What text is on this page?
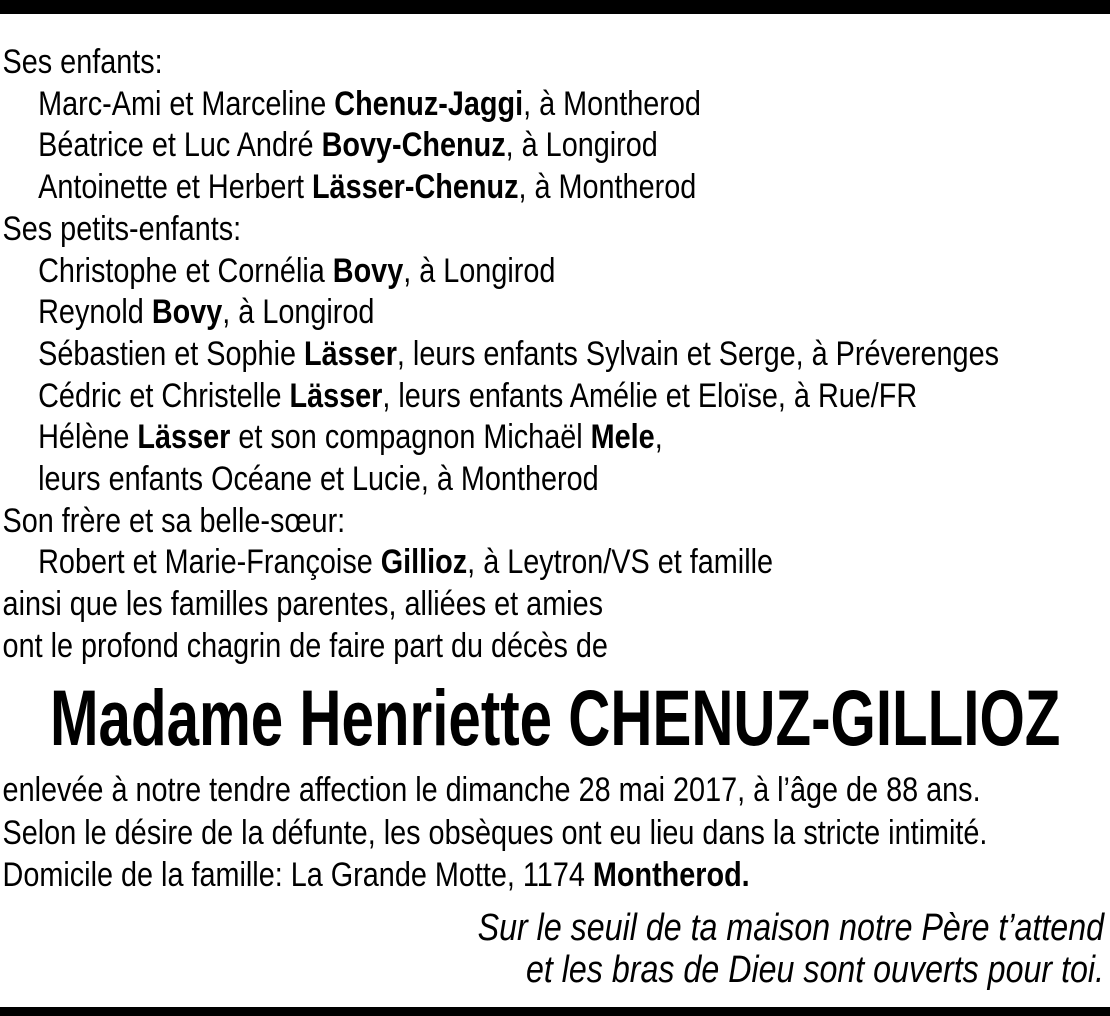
Ses enfants:
Marc-Ami et Marceline Chenuz-Jaggi, à Montherod
Béatrice et Luc André Bovy-Chenuz, à Longirod
Antoinette et Herbert Lässer-Chenuz, à Montherod
Ses petits-enfants:
Christophe et Cornélia Bovy, à Longirod
Reynold Bovy, à Longirod
Sébastien et Sophie Lässer, leurs enfants Sylvain et Serge, à Préverenges
Cédric et Christelle Lässer, leurs enfants Amélie et Eloïse, à Rue/FR
Hélène Lässer et son compagnon Michaël Mele,
leurs enfants Océane et Lucie, à Montherod
Son frère et sa belle-sœur:
Robert et Marie-Françoise Gillioz, à Leytron/VS et famille
ainsi que les familles parentes, alliées et amies
ont le profond chagrin de faire part du décès de
Madame Henriette CHENUZ-GILLIOZ
enlevée à notre tendre affection le dimanche 28 mai 2017, à l’âge de 88 ans.
Selon le désire de la défunte, les obsèques ont eu lieu dans la stricte intimité.
Domicile de la famille: La Grande Motte, 1174 Montherod.
Sur le seuil de ta maison notre Père t’attend
et les bras de Dieu sont ouverts pour toi.
